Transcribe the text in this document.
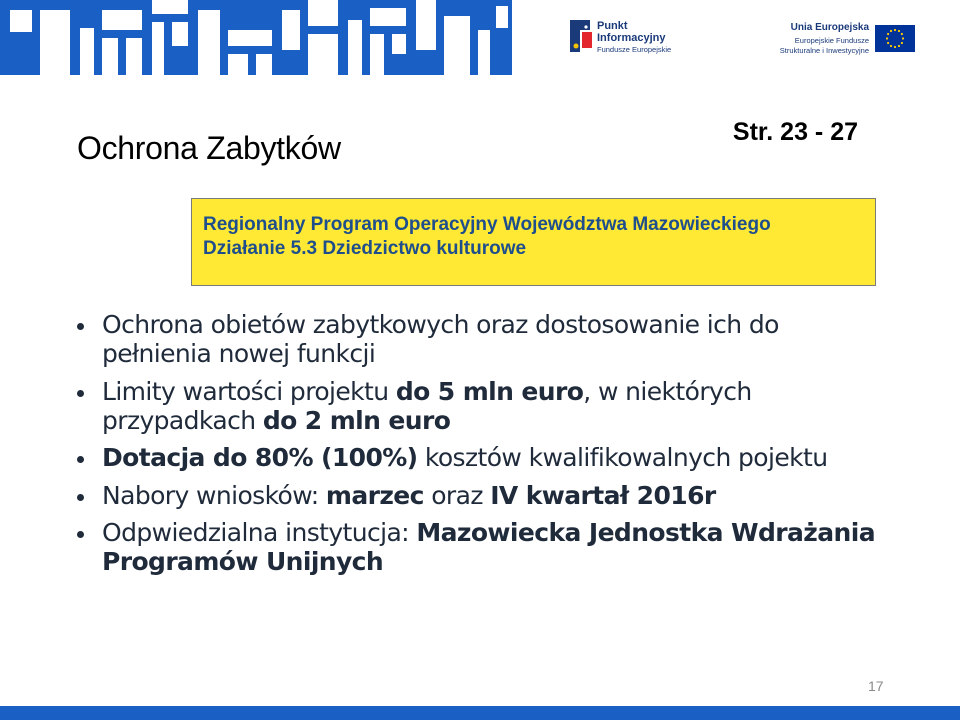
Punkt Informacyjny
Fundusze Europejskie
Unia Europejska
Europejskie Fundusze
Strukturalne i Inwestycyjne
Ochrona Zabytków	Str. 23 - 27
Regionalny Program Operacyjny Województwa Mazowieckiego
Działanie 5.3 Dziedzictwo kulturowe
Ochrona obietów zabytkowych oraz dostosowanie ich do pełnienia nowej funkcji
Limity wartości projektu do 5 mln euro, w niektórych przypadkach do 2 mln euro
Dotacja do 80% (100%) kosztów kwalifikowalnych pojektu
Nabory wniosków: marzec oraz IV kwartał 2016r
Odpwiedzialna instytucja: Mazowiecka Jednostka Wdrażania Programów Unijnych
17
